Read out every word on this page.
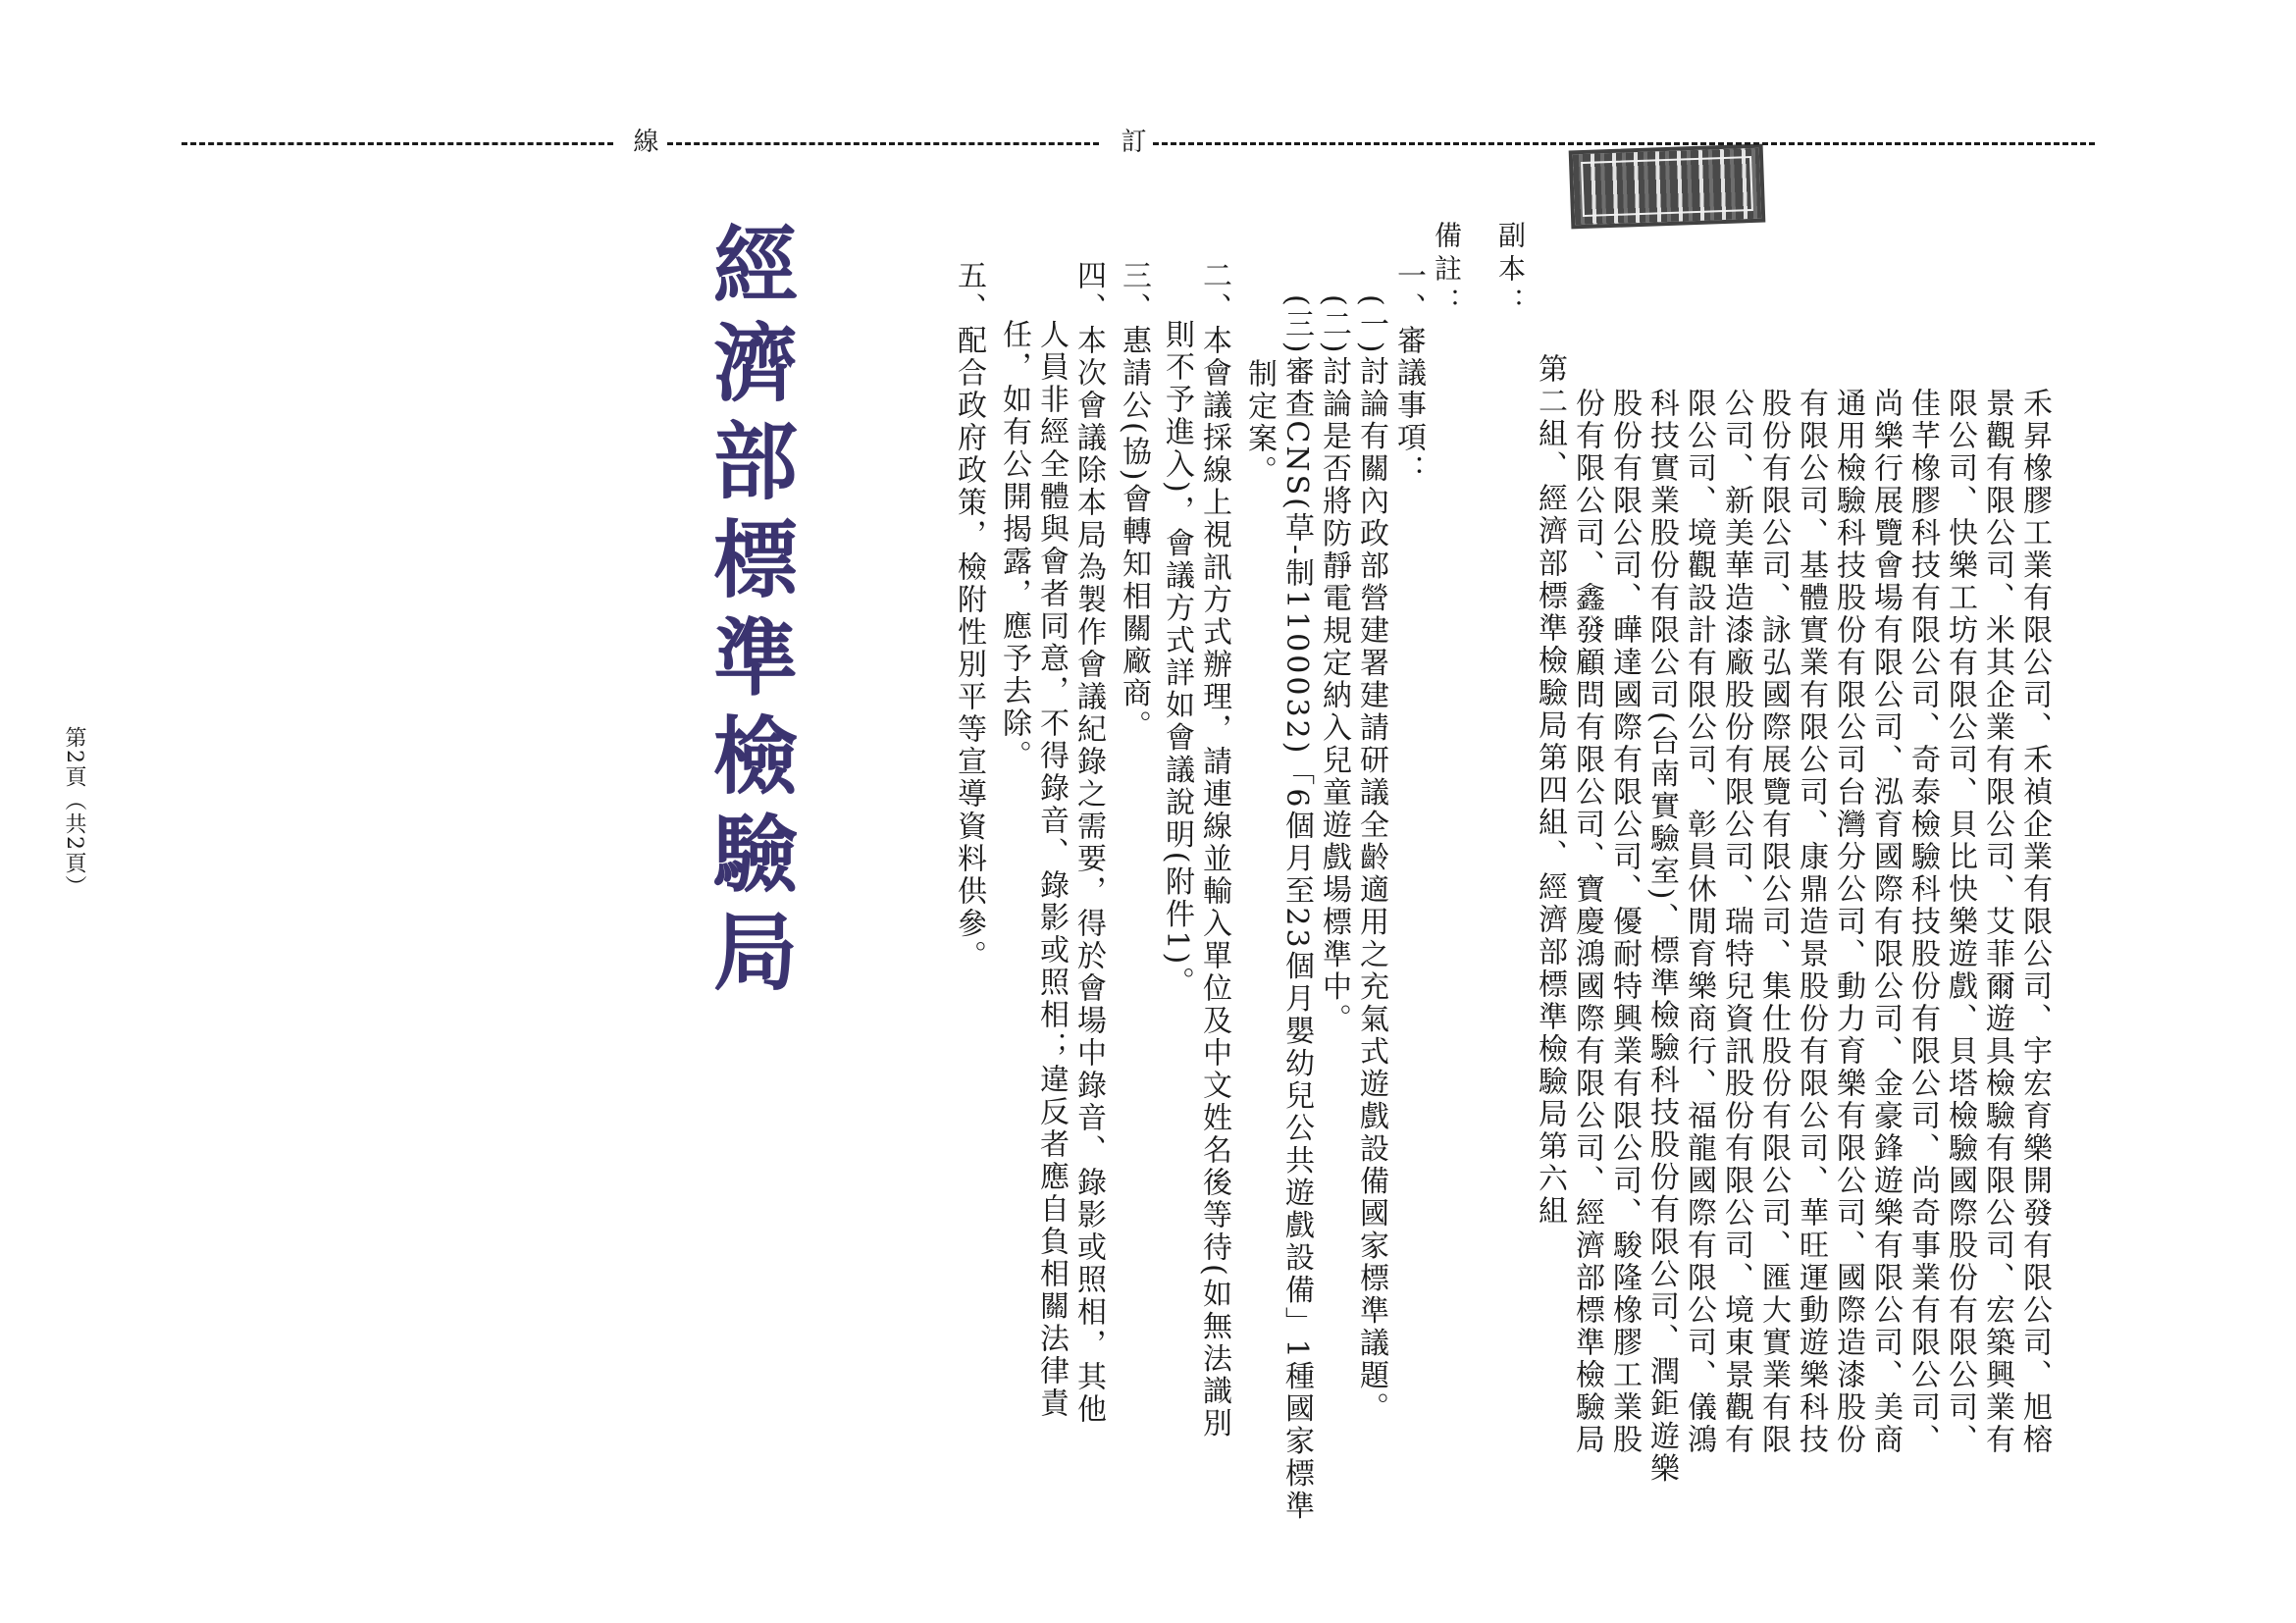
線	訂
副本：
禾昇橡膠工業有限公司、禾禎企業有限公司、宇宏育樂開發有限公司、旭榕
景觀有限公司、米其企業有限公司、艾菲爾遊具檢驗有限公司、宏築興業有
限公司、快樂工坊有限公司、貝比快樂遊戲、貝塔檢驗國際股份有限公司、
佳芊橡膠科技有限公司、奇泰檢驗科技股份有限公司、尚奇事業有限公司、
尚樂行展覽會場有限公司、泓育國際有限公司、金豪鋒遊樂有限公司、美商
通用檢驗科技股份有限公司台灣分公司、動力育樂有限公司、國際造漆股份
有限公司、基體實業有限公司、康鼎造景股份有限公司、華旺運動遊樂科技
股份有限公司、詠弘國際展覽有限公司、集仕股份有限公司、匯大實業有限
公司、新美華造漆廠股份有限公司、瑞特兒資訊股份有限公司、境東景觀有
限公司、境觀設計有限公司、彰員休閒育樂商行、福龍國際有限公司、儀鴻
科技實業股份有限公司(台南實驗室)、標準檢驗科技股份有限公司、潤鉅遊樂
股份有限公司、曄達國際有限公司、優耐特興業有限公司、駿隆橡膠工業股
份有限公司、鑫發顧問有限公司、寶慶鴻國際有限公司、經濟部標準檢驗局
第二組、經濟部標準檢驗局第四組、經濟部標準檢驗局第六組
備註：
一、審議事項：
(一)討論有關內政部營建署建請研議全齡適用之充氣式遊戲設備國家標準議題。
(二)討論是否將防靜電規定納入兒童遊戲場標準中。
(三)審查CNS(草-制1100032)「6個月至23個月嬰幼兒公共遊戲設備」1種國家標準
制定案。
二、本會議採線上視訊方式辦理，請連線並輸入單位及中文姓名後等待(如無法識別
則不予進入)，會議方式詳如會議說明(附件1)。
三、惠請公(協)會轉知相關廠商。
四、本次會議除本局為製作會議紀錄之需要，得於會場中錄音、錄影或照相，其他
人員非經全體與會者同意，不得錄音、錄影或照相；違反者應自負相關法律責
任，如有公開揭露，應予去除。
五、配合政府政策，檢附性別平等宣導資料供參。
經濟部標準檢驗局
第2頁（共2頁）
